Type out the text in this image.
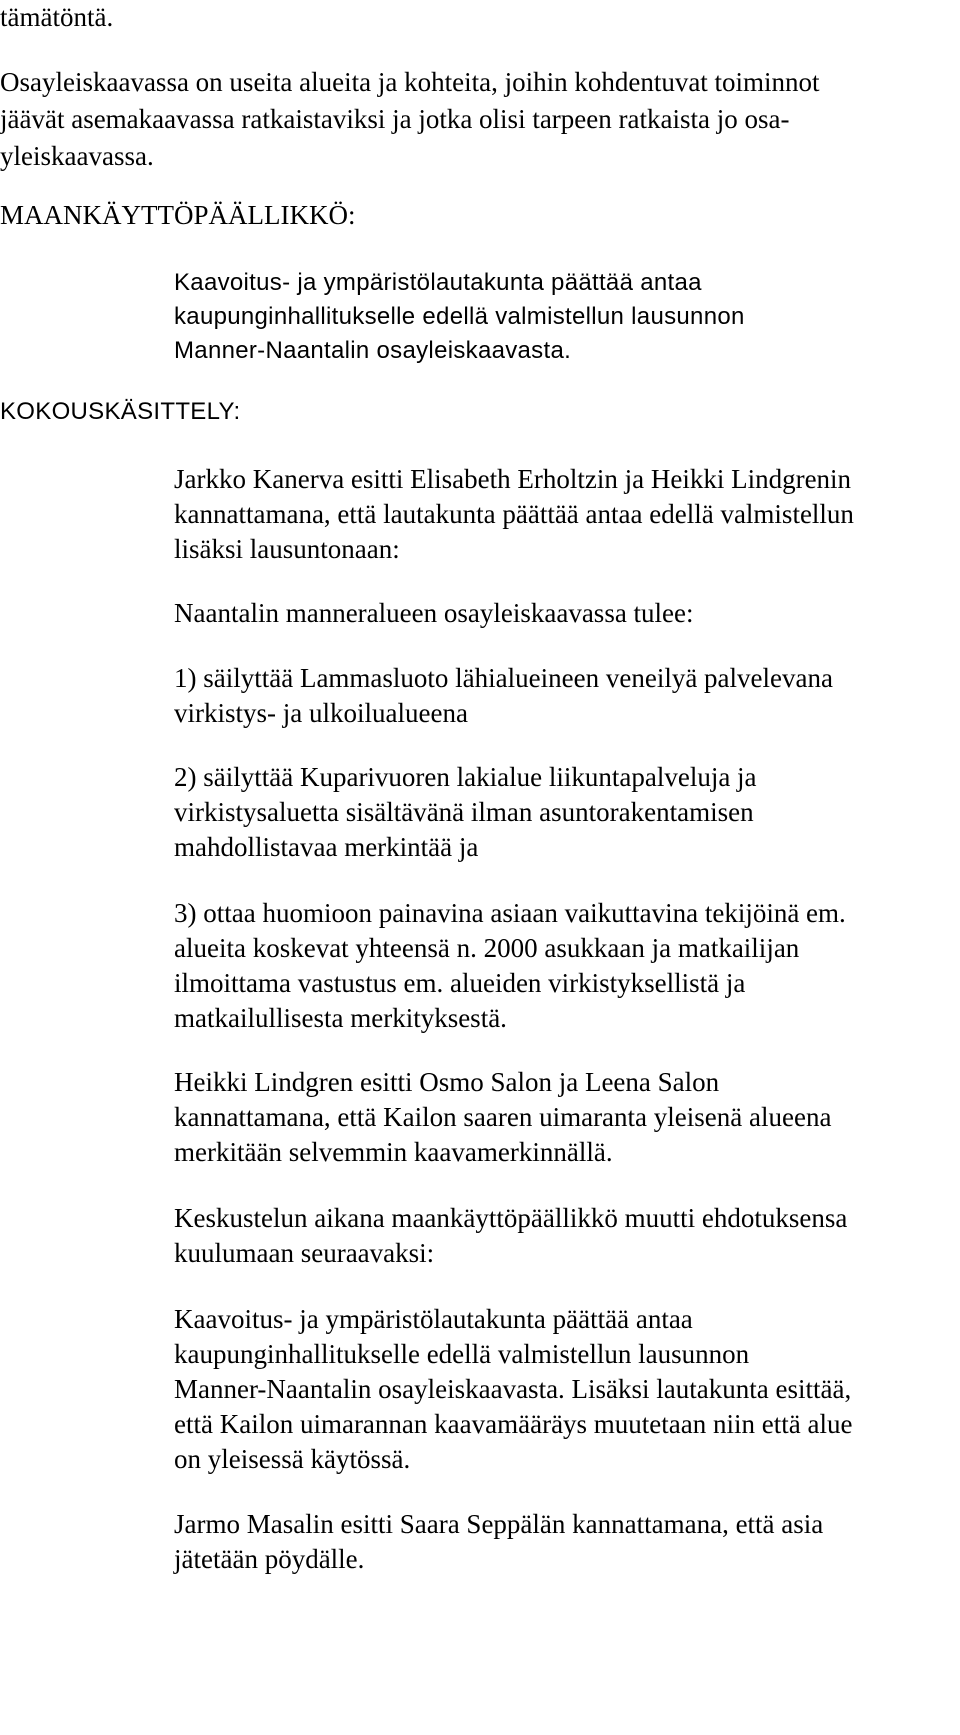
tämätöntä.
Osayleiskaavassa on useita alueita ja kohteita, joihin kohdentuvat toiminnot
jäävät asemakaavassa ratkaistaviksi ja jotka olisi tarpeen ratkaista jo osa-
yleiskaavassa.
MAANKÄYTTÖPÄÄLLIKKÖ:
Kaavoitus- ja ympäristölautakunta päättää antaa
kaupunginhallitukselle edellä valmistellun lausunnon
Manner-Naantalin osayleiskaavasta.
KOKOUSKÄSITTELY:
Jarkko Kanerva esitti Elisabeth Erholtzin ja Heikki Lindgrenin
kannattamana, että lautakunta päättää antaa edellä valmistellun
lisäksi lausuntonaan:
Naantalin manneralueen osayleiskaavassa tulee:
1) säilyttää Lammasluoto lähialueineen veneilyä palvelevana
virkistys- ja ulkoilualueena
2) säilyttää Kuparivuoren lakialue liikuntapalveluja ja
virkistysaluetta sisältävänä ilman asuntorakentamisen
mahdollistavaa merkintää ja
3) ottaa huomioon painavina asiaan vaikuttavina tekijöinä em.
alueita koskevat yhteensä n. 2000 asukkaan ja matkailijan
ilmoittama vastustus em. alueiden virkistyksellistä ja
matkailullisesta merkityksestä.
Heikki Lindgren esitti Osmo Salon ja Leena Salon
kannattamana, että Kailon saaren uimaranta yleisenä alueena
merkitään selvemmin kaavamerkinnällä.
Keskustelun aikana maankäyttöpäällikkö muutti ehdotuksensa
kuulumaan seuraavaksi:
Kaavoitus- ja ympäristölautakunta päättää antaa
kaupunginhallitukselle edellä valmistellun lausunnon
Manner-Naantalin osayleiskaavasta. Lisäksi lautakunta esittää,
että Kailon uimarannan kaavamääräys muutetaan niin että alue
on yleisessä käytössä.
Jarmo Masalin esitti Saara Seppälän kannattamana, että asia
jätetään pöydälle.
